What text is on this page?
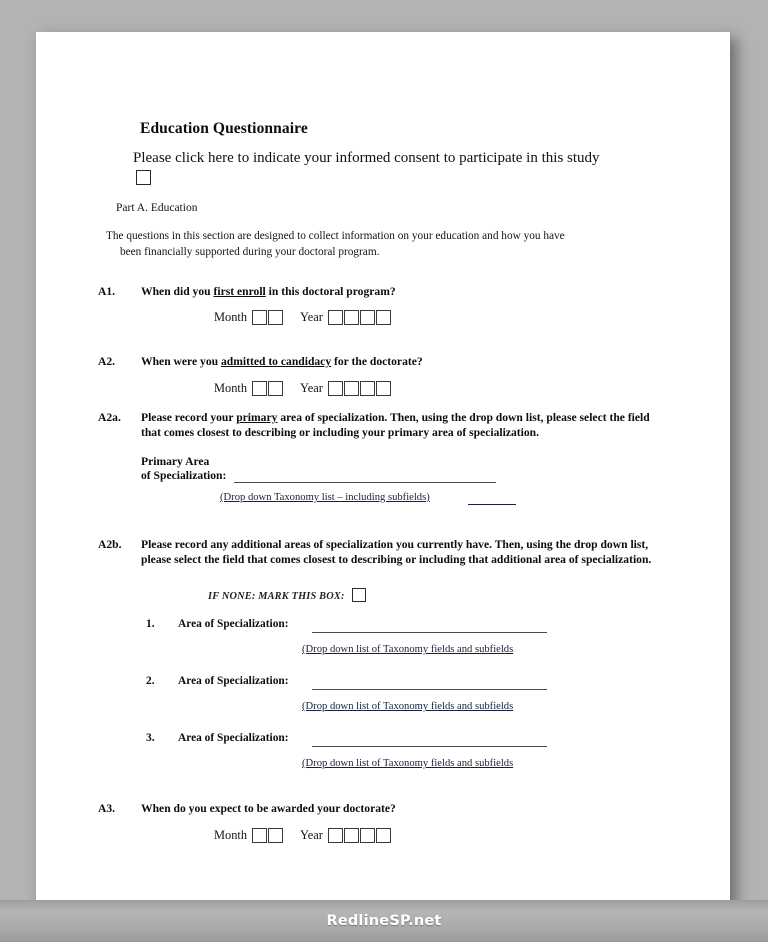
Education Questionnaire
Please click here to indicate your informed consent to participate in this study
Part A. Education
The questions in this section are designed to collect information on your education and how you have
been financially supported during your doctoral program.
A1. When did you first enroll in this doctoral program?
Month	Year
A2. When were you admitted to candidacy for the doctorate?
Month	Year
A2a. Please record your primary area of specialization. Then, using the drop down list, please select the field that comes closest to describing or including your primary area of specialization.
Primary Area
of Specialization:
(Drop down Taxonomy list – including subfields)
A2b. Please record any additional areas of specialization you currently have. Then, using the drop down list, please select the field that comes closest to describing or including that additional area of specialization.
IF NONE: MARK THIS BOX:
1. Area of Specialization:
(Drop down list of Taxonomy fields and subfields
2. Area of Specialization:
(Drop down list of Taxonomy fields and subfields
3. Area of Specialization:
(Drop down list of Taxonomy fields and subfields
A3. When do you expect to be awarded your doctorate?
Month	Year
RedlineSP.net
